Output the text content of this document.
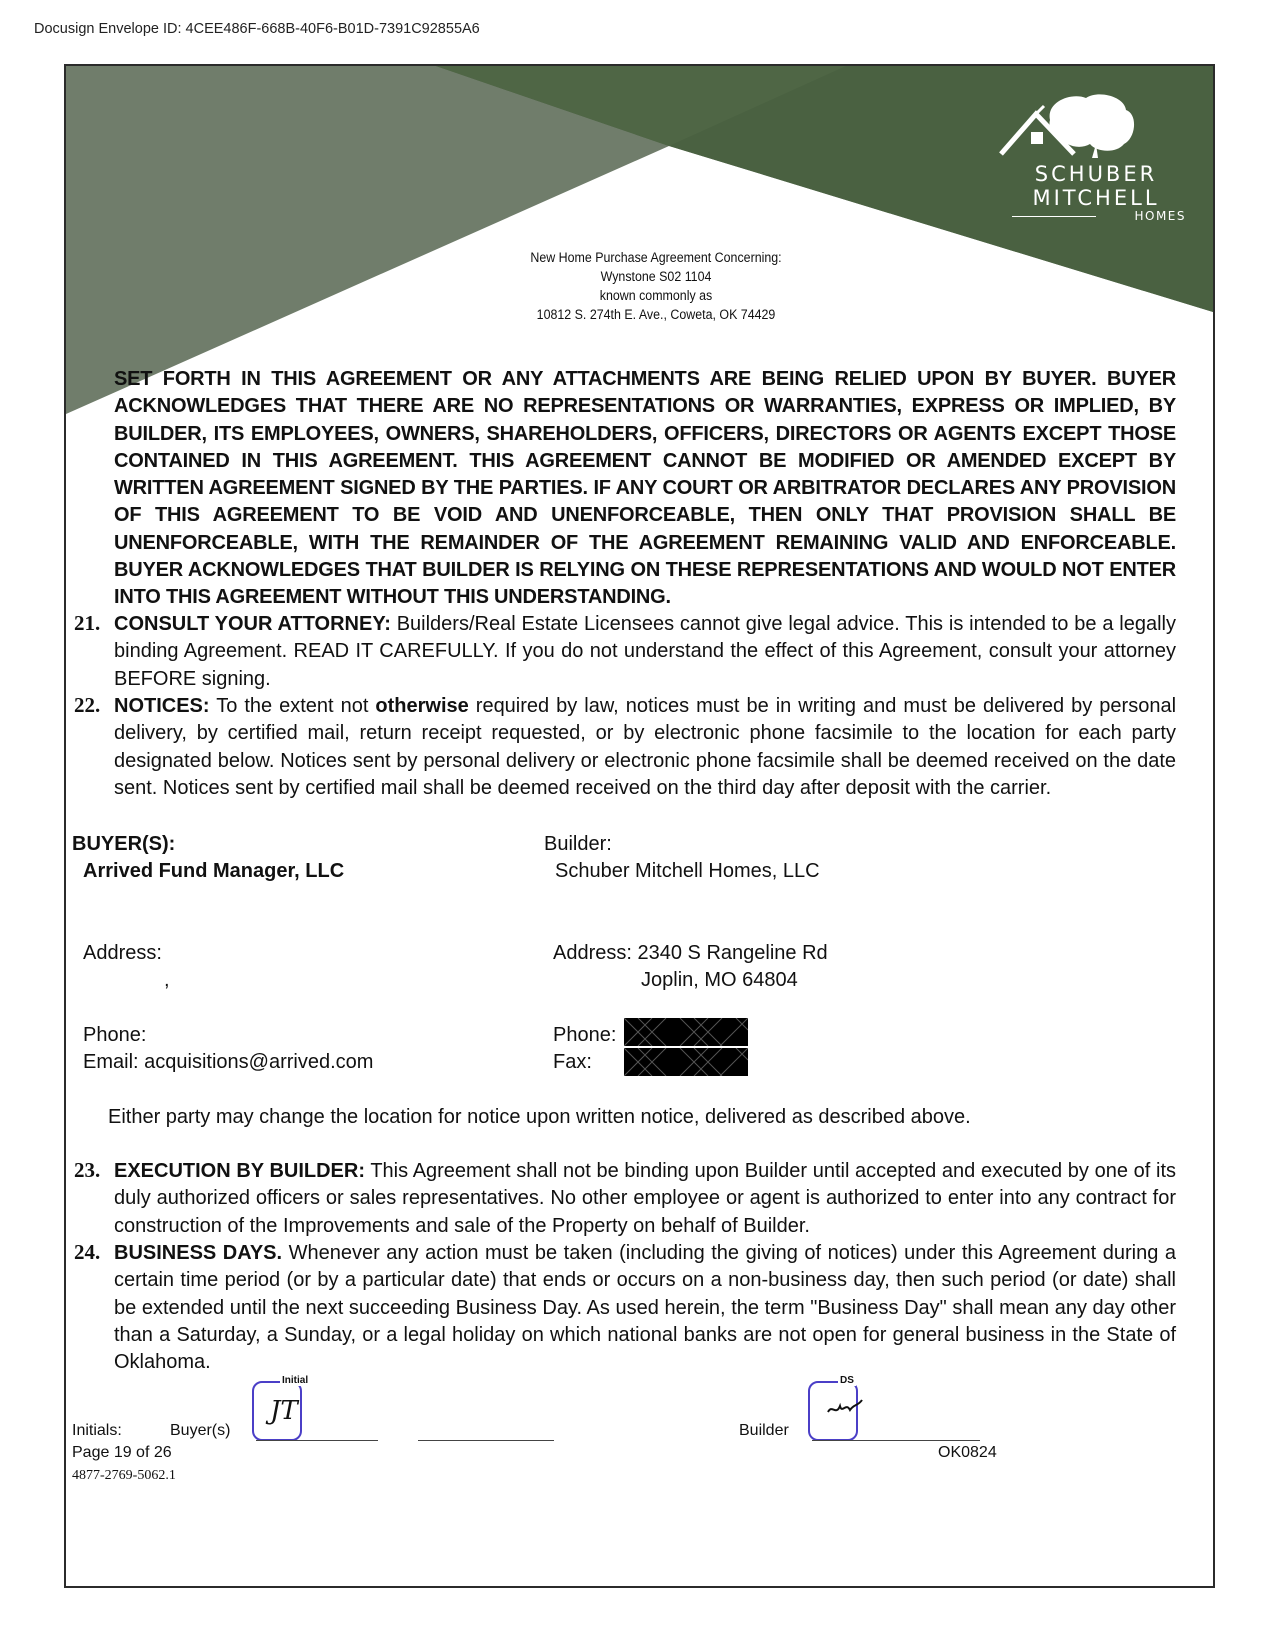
Docusign Envelope ID: 4CEE486F-668B-40F6-B01D-7391C92855A6
SCHUBER
MITCHELL
HOMES
New Home Purchase Agreement Concerning:
Wynstone S02 1104
known commonly as
10812 S. 274th E. Ave., Coweta, OK 74429
SET FORTH IN THIS AGREEMENT OR ANY ATTACHMENTS ARE BEING RELIED UPON BY BUYER. BUYER ACKNOWLEDGES THAT THERE ARE NO REPRESENTATIONS OR WARRANTIES, EXPRESS OR IMPLIED, BY BUILDER, ITS EMPLOYEES, OWNERS, SHAREHOLDERS, OFFICERS, DIRECTORS OR AGENTS EXCEPT THOSE CONTAINED IN THIS AGREEMENT. THIS AGREEMENT CANNOT BE MODIFIED OR AMENDED EXCEPT BY WRITTEN AGREEMENT SIGNED BY THE PARTIES. IF ANY COURT OR ARBITRATOR DECLARES ANY PROVISION OF THIS AGREEMENT TO BE VOID AND UNENFORCEABLE, THEN ONLY THAT PROVISION SHALL BE UNENFORCEABLE, WITH THE REMAINDER OF THE AGREEMENT REMAINING VALID AND ENFORCEABLE. BUYER ACKNOWLEDGES THAT BUILDER IS RELYING ON THESE REPRESENTATIONS AND WOULD NOT ENTER INTO THIS AGREEMENT WITHOUT THIS UNDERSTANDING.
21. CONSULT YOUR ATTORNEY: Builders/Real Estate Licensees cannot give legal advice. This is intended to be a legally binding Agreement. READ IT CAREFULLY. If you do not understand the effect of this Agreement, consult your attorney BEFORE signing.
22. NOTICES: To the extent not otherwise required by law, notices must be in writing and must be delivered by personal delivery, by certified mail, return receipt requested, or by electronic phone facsimile to the location for each party designated below. Notices sent by personal delivery or electronic phone facsimile shall be deemed received on the date sent. Notices sent by certified mail shall be deemed received on the third day after deposit with the carrier.
BUYER(S):
Arrived Fund Manager, LLC
Address:
,
Phone:
Email: acquisitions@arrived.com
Builder:
Schuber Mitchell Homes, LLC
Address: 2340 S Rangeline Rd
Joplin, MO 64804
Phone:
Fax:
Either party may change the location for notice upon written notice, delivered as described above.
23. EXECUTION BY BUILDER: This Agreement shall not be binding upon Builder until accepted and executed by one of its duly authorized officers or sales representatives. No other employee or agent is authorized to enter into any contract for construction of the Improvements and sale of the Property on behalf of Builder.
24. BUSINESS DAYS. Whenever any action must be taken (including the giving of notices) under this Agreement during a certain time period (or by a particular date) that ends or occurs on a non-business day, then such period (or date) shall be extended until the next succeeding Business Day. As used herein, the term "Business Day" shall mean any day other than a Saturday, a Sunday, or a legal holiday on which national banks are not open for general business in the State of Oklahoma.
Initials:	Buyer(s)
Initial
JT
Builder
DS
Page 19 of 26	OK0824
4877-2769-5062.1
